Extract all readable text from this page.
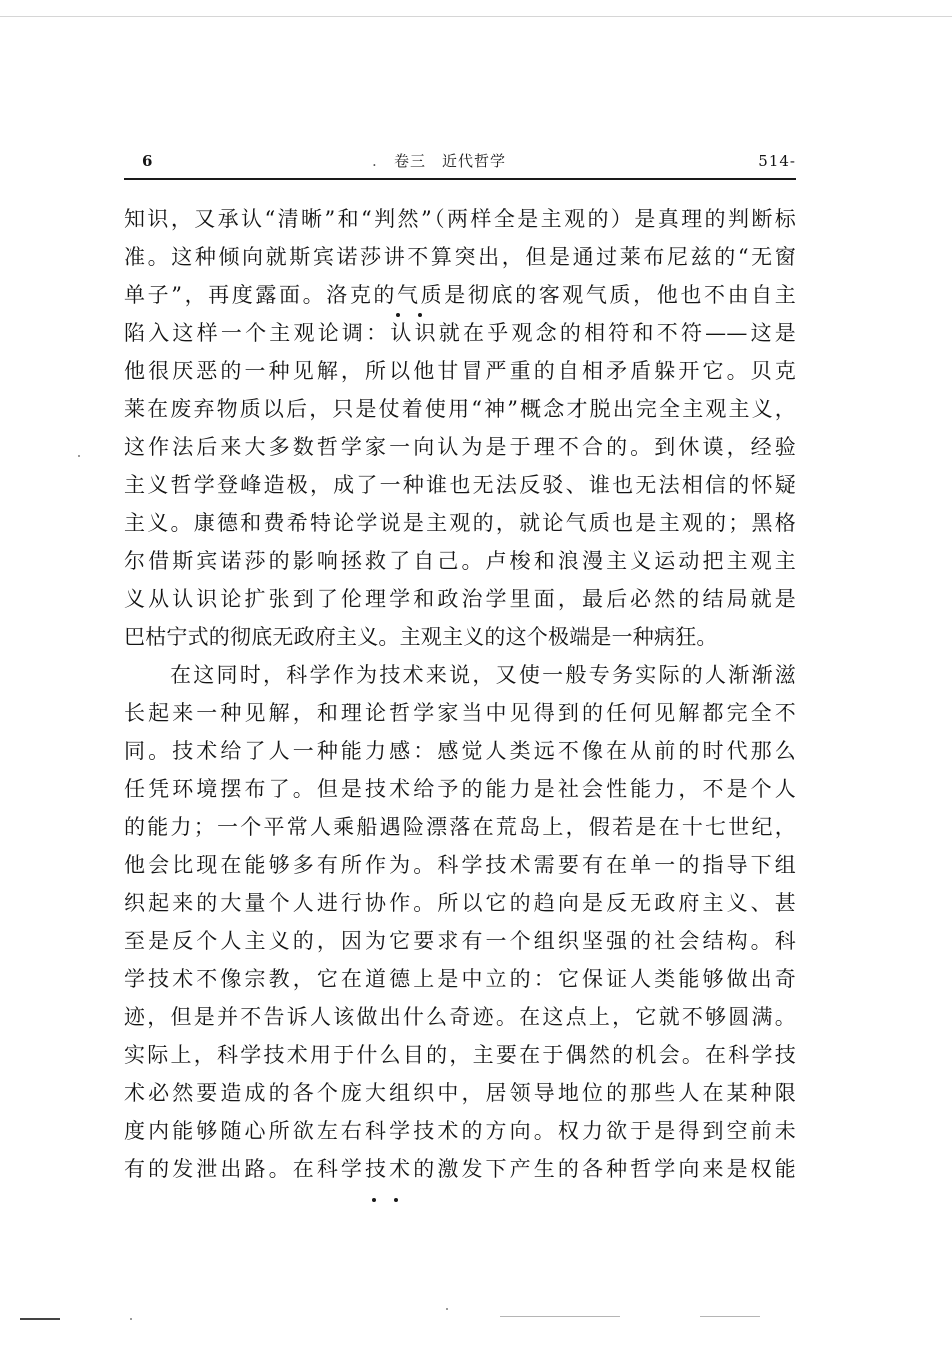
6	. 卷三　近代哲学	514-
知识，又承认“清晰”和“判然”（两样全是主观的）是真理的判断标
准。这种倾向就斯宾诺莎讲不算突出，但是通过莱布尼兹的“无窗
单子”，再度露面。洛克的气质是彻底的客观气质，他也不由自主
陷入这样一个主观论调：认识就在乎观念的相符和不符——这是
他很厌恶的一种见解，所以他甘冒严重的自相矛盾躲开它。贝克
莱在废弃物质以后，只是仗着使用“神”概念才脱出完全主观主义，
这作法后来大多数哲学家一向认为是于理不合的。到休谟，经验
主义哲学登峰造极，成了一种谁也无法反驳、谁也无法相信的怀疑
主义。康德和费希特论学说是主观的，就论气质也是主观的；黑格
尔借斯宾诺莎的影响拯救了自己。卢梭和浪漫主义运动把主观主
义从认识论扩张到了伦理学和政治学里面，最后必然的结局就是
巴枯宁式的彻底无政府主义。主观主义的这个极端是一种病狂。
在这同时，科学作为技术来说，又使一般专务实际的人渐渐滋
长起来一种见解，和理论哲学家当中见得到的任何见解都完全不
同。技术给了人一种能力感：感觉人类远不像在从前的时代那么
任凭环境摆布了。但是技术给予的能力是社会性能力，不是个人
的能力；一个平常人乘船遇险漂落在荒岛上，假若是在十七世纪，
他会比现在能够多有所作为。科学技术需要有在单一的指导下组
织起来的大量个人进行协作。所以它的趋向是反无政府主义、甚
至是反个人主义的，因为它要求有一个组织坚强的社会结构。科
学技术不像宗教，它在道德上是中立的：它保证人类能够做出奇
迹，但是并不告诉人该做出什么奇迹。在这点上，它就不够圆满。
实际上，科学技术用于什么目的，主要在于偶然的机会。在科学技
术必然要造成的各个庞大组织中，居领导地位的那些人在某种限
度内能够随心所欲左右科学技术的方向。权力欲于是得到空前未
有的发泄出路。在科学技术的激发下产生的各种哲学向来是权能
